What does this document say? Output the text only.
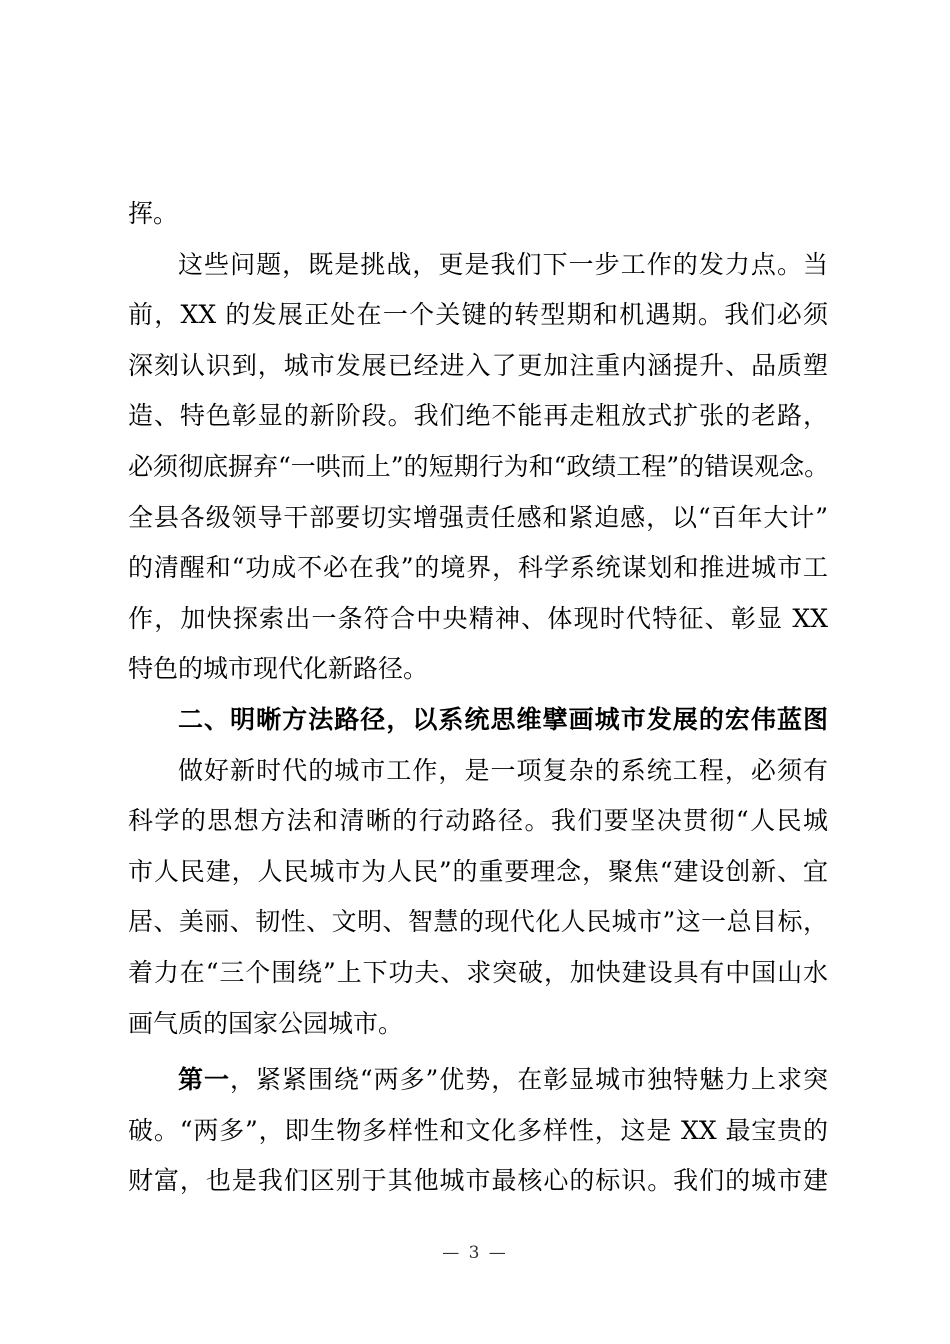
挥。
这些问题，既是挑战，更是我们下一步工作的发力点。当
前，XX 的发展正处在一个关键的转型期和机遇期。我们必须
深刻认识到，城市发展已经进入了更加注重内涵提升、品质塑
造、特色彰显的新阶段。我们绝不能再走粗放式扩张的老路，
必须彻底摒弃“一哄而上”的短期行为和“政绩工程”的错误观念。
全县各级领导干部要切实增强责任感和紧迫感，以“百年大计”
的清醒和“功成不必在我”的境界，科学系统谋划和推进城市工
作，加快探索出一条符合中央精神、体现时代特征、彰显 XX
特色的城市现代化新路径。
二、明晰方法路径，以系统思维擘画城市发展的宏伟蓝图
做好新时代的城市工作，是一项复杂的系统工程，必须有
科学的思想方法和清晰的行动路径。我们要坚决贯彻“人民城
市人民建，人民城市为人民”的重要理念，聚焦“建设创新、宜
居、美丽、韧性、文明、智慧的现代化人民城市”这一总目标，
着力在“三个围绕”上下功夫、求突破，加快建设具有中国山水
画气质的国家公园城市。
第一，紧紧围绕“两多”优势，在彰显城市独特魅力上求突
破。“两多”，即生物多样性和文化多样性，这是 XX 最宝贵的
财富，也是我们区别于其他城市最核心的标识。我们的城市建
— 3 —
